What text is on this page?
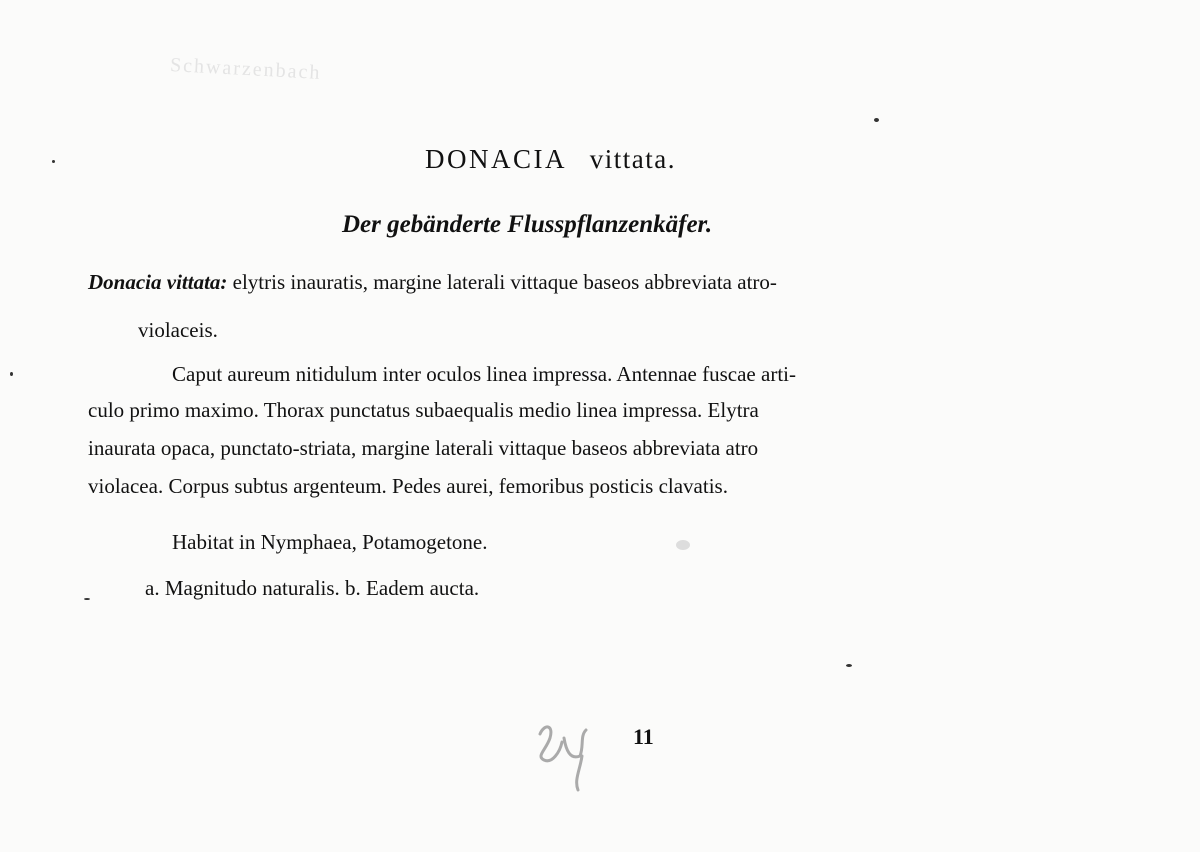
Schwarzenbach
DONACIA vittata.
Der gebänderte Flusspflanzenkäfer.
Donacia vittata: elytris inauratis, margine laterali vittaque baseos abbreviata atro-
violaceis.
Caput aureum nitidulum inter oculos linea impressa. Antennae fuscae arti-
culo primo maximo. Thorax punctatus subaequalis medio linea impressa. Elytra
inaurata opaca, punctato-striata, margine laterali vittaque baseos abbreviata atro
violacea. Corpus subtus argenteum. Pedes aurei, femoribus posticis clavatis.
Habitat in Nymphaea, Potamogetone.
a. Magnitudo naturalis. b. Eadem aucta.
11
